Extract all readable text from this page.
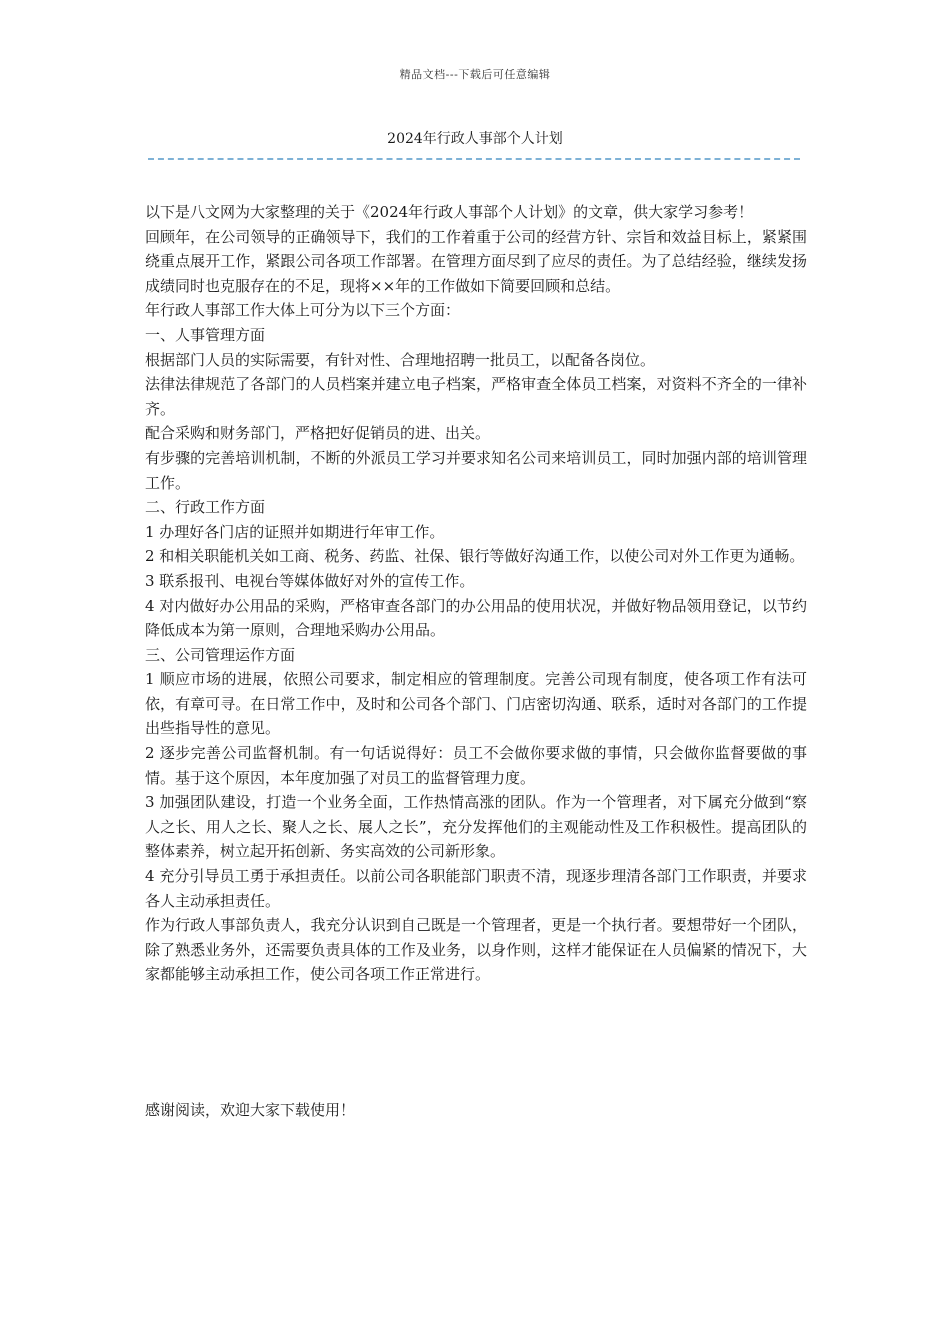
精品文档---下载后可任意编辑
2024年行政人事部个人计划

以下是八文网为大家整理的关于《2024年行政人事部个人计划》的文章，供大家学习参考！

回顾年，在公司领导的正确领导下，我们的工作着重于公司的经营方针、宗旨和效益目标上，紧紧围绕重点展开工作，紧跟公司各项工作部署。在管理方面尽到了应尽的责任。为了总结经验，继续发扬成绩同时也克服存在的不足，现将××年的工作做如下简要回顾和总结。

年行政人事部工作大体上可分为以下三个方面：

一、人事管理方面

根据部门人员的实际需要，有针对性、合理地招聘一批员工，以配备各岗位。

法律法律规范了各部门的人员档案并建立电子档案，严格审查全体员工档案，对资料不齐全的一律补齐。

配合采购和财务部门，严格把好促销员的进、出关。

有步骤的完善培训机制，不断的外派员工学习并要求知名公司来培训员工，同时加强内部的培训管理工作。

二、行政工作方面

1 办理好各门店的证照并如期进行年审工作。

2 和相关职能机关如工商、税务、药监、社保、银行等做好沟通工作，以使公司对外工作更为通畅。

3 联系报刊、电视台等媒体做好对外的宣传工作。

4 对内做好办公用品的采购，严格审查各部门的办公用品的使用状况，并做好物品领用登记，以节约降低成本为第一原则，合理地采购办公用品。

三、公司管理运作方面

1 顺应市场的进展，依照公司要求，制定相应的管理制度。完善公司现有制度，使各项工作有法可依，有章可寻。在日常工作中，及时和公司各个部门、门店密切沟通、联系，适时对各部门的工作提出些指导性的意见。

2 逐步完善公司监督机制。有一句话说得好：员工不会做你要求做的事情，只会做你监督要做的事情。基于这个原因，本年度加强了对员工的监督管理力度。

3 加强团队建设，打造一个业务全面，工作热情高涨的团队。作为一个管理者，对下属充分做到“察人之长、用人之长、聚人之长、展人之长”，充分发挥他们的主观能动性及工作积极性。提高团队的整体素养，树立起开拓创新、务实高效的公司新形象。

4 充分引导员工勇于承担责任。以前公司各职能部门职责不清，现逐步理清各部门工作职责，并要求各人主动承担责任。

作为行政人事部负责人，我充分认识到自己既是一个管理者，更是一个执行者。要想带好一个团队，除了熟悉业务外，还需要负责具体的工作及业务，以身作则，这样才能保证在人员偏紧的情况下，大家都能够主动承担工作，使公司各项工作正常进行。

感谢阅读，欢迎大家下载使用！
